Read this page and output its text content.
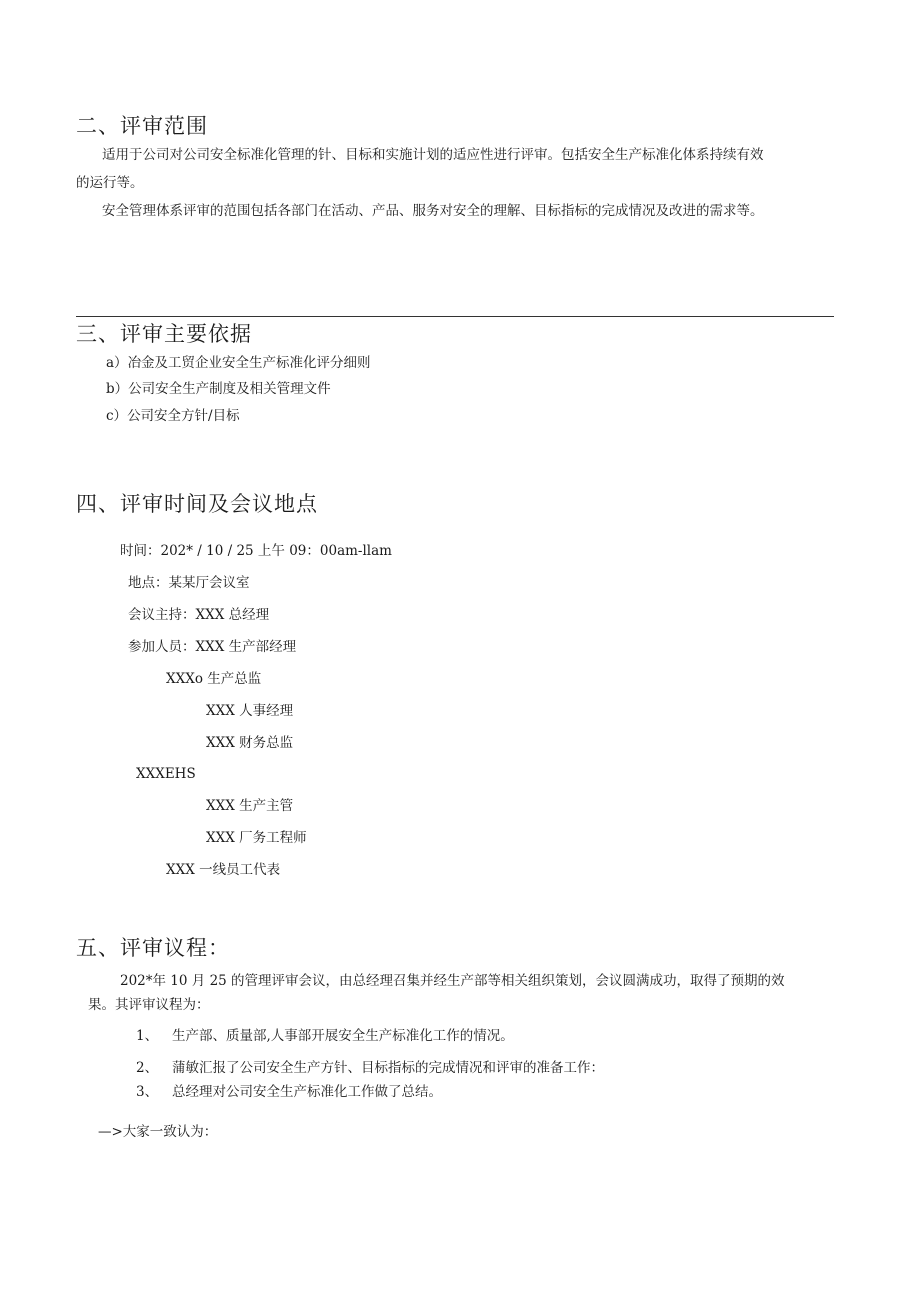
二、评审范围
适用于公司对公司安全标准化管理的针、目标和实施计划的适应性进行评审。包括安全生产标准化体系持续有效
的运行等。
安全管理体系评审的范围包括各部门在活动、产品、服务对安全的理解、目标指标的完成情况及改进的需求等。
三、评审主要依据
a）冶金及工贸企业安全生产标准化评分细则
b）公司安全生产制度及相关管理文件
c）公司安全方针/目标
四、评审时间及会议地点
时间：202* / 10 / 25 上午 09：00am-llam
地点：某某厅会议室
会议主持：XXX 总经理
参加人员：XXX 生产部经理
XXXo 生产总监
XXX 人事经理
XXX 财务总监
XXXEHS
XXX 生产主管
XXX 厂务工程师
XXX 一线员工代表
五、评审议程：
202*年 10 月 25 的管理评审会议，由总经理召集并经生产部等相关组织策划，会议圆满成功，取得了预期的效
果。其评审议程为：
1、 生产部、质量部,人事部开展安全生产标准化工作的情况。
2、 蒲敏汇报了公司安全生产方针、目标指标的完成情况和评审的准备工作：
3、 总经理对公司安全生产标准化工作做了总结。
—>大家一致认为：
